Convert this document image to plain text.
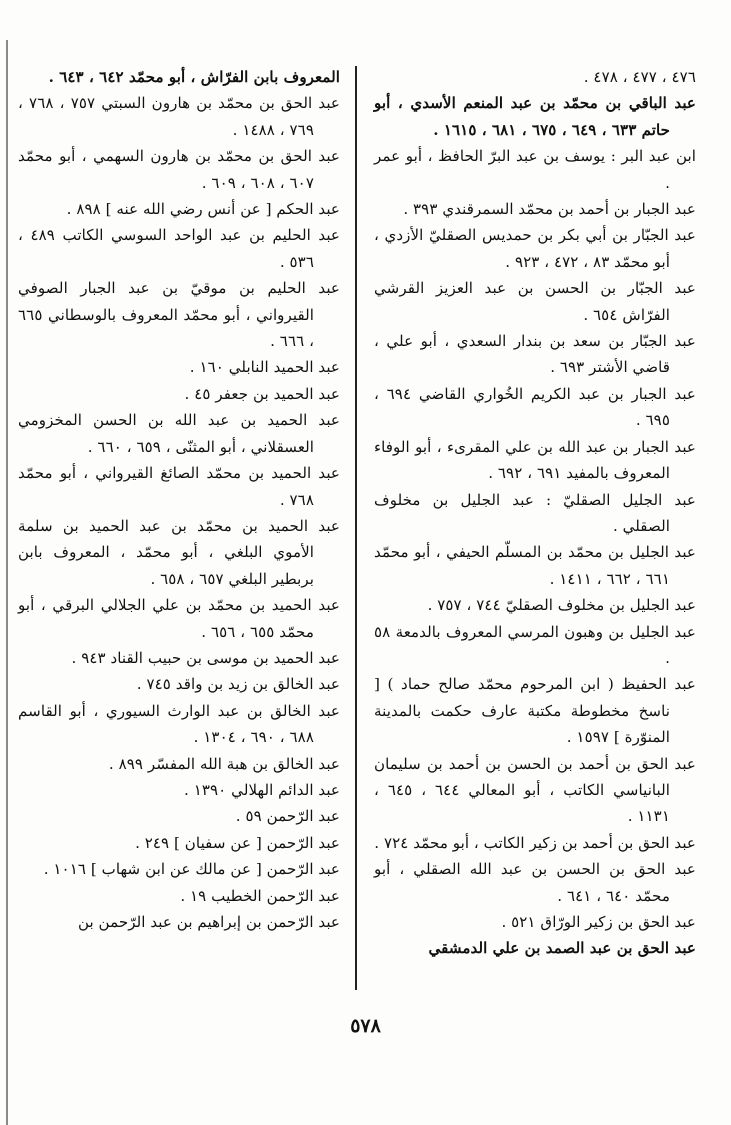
٤٧٦ ، ٤٧٧ ، ٤٧٨ .
عبد الباقي بن محمّد بن عبد المنعم الأسدي ، أبو حاتم ٦٣٣ ، ٦٤٩ ، ٦٧٥ ، ٦٨١ ، ١٦١٥ .
ابن عبد البر : يوسف بن عبد البرّ الحافظ ، أبو عمر .
عبد الجبار بن أحمد بن محمّد السمرقندي ٣٩٣ .
عبد الجبّار بن أبي بكر بن حمديس الصقليّ الأزدي ، أبو محمّد ٨٣ ، ٤٧٢ ، ٩٢٣ .
عبد الجبّار بن الحسن بن عبد العزيز القرشي الفرّاش ٦٥٤ .
عبد الجبّار بن سعد بن بندار السعدي ، أبو علي ، قاضي الأشتر ٦٩٣ .
عبد الجبار بن عبد الكريم الخُواري القاضي ٦٩٤ ، ٦٩٥ .
عبد الجبار بن عبد الله بن علي المقرىء ، أبو الوفاء المعروف بالمفيد ٦٩١ ، ٦٩٢ .
عبد الجليل الصقليّ : عبد الجليل بن مخلوف الصقلي .
عبد الجليل بن محمّد بن المسلّم الحيفي ، أبو محمّد ٦٦١ ، ٦٦٢ ، ١٤١١ .
عبد الجليل بن مخلوف الصقليّ ٧٤٤ ، ٧٥٧ .
عبد الجليل بن وهبون المرسي المعروف بالدمعة ٥٨ .
عبد الحفيظ ( ابن المرحوم محمّد صالح حماد ) [ ناسخ مخطوطة مكتبة عارف حكمت بالمدينة المنوّرة ] ١٥٩٧ .
عبد الحق بن أحمد بن الحسن بن أحمد بن سليمان البانياسي الكاتب ، أبو المعالي ٦٤٤ ، ٦٤٥ ، ١١٣١ .
عبد الحق بن أحمد بن زكير الكاتب ، أبو محمّد ٧٢٤ .
عبد الحق بن الحسن بن عبد الله الصقلي ، أبو محمّد ٦٤٠ ، ٦٤١ .
عبد الحق بن زكير الورّاق ٥٢١ .
عبد الحق بن عبد الصمد بن علي الدمشقي
المعروف بابن الفرّاش ، أبو محمّد ٦٤٢ ، ٦٤٣ .
عبد الحق بن محمّد بن هارون السبتي ٧٥٧ ، ٧٦٨ ، ٧٦٩ ، ١٤٨٨ .
عبد الحق بن محمّد بن هارون السهمي ، أبو محمّد ٦٠٧ ، ٦٠٨ ، ٦٠٩ .
عبد الحكم [ عن أنس رضي الله عنه ] ٨٩٨ .
عبد الحليم بن عبد الواحد السوسي الكاتب ٤٨٩ ، ٥٣٦ .
عبد الحليم بن موقيّ بن عبد الجبار الصوفي القيرواني ، أبو محمّد المعروف بالوسطاني ٦٦٥ ، ٦٦٦ .
عبد الحميد النابلي ١٦٠ .
عبد الحميد بن جعفر ٤٥ .
عبد الحميد بن عبد الله بن الحسن المخزومي العسقلاني ، أبو المثنّى ، ٦٥٩ ، ٦٦٠ .
عبد الحميد بن محمّد الصائغ القيرواني ، أبو محمّد ٧٦٨ .
عبد الحميد بن محمّد بن عبد الحميد بن سلمة الأموي البلغي ، أبو محمّد ، المعروف بابن بربطير البلغي ٦٥٧ ، ٦٥٨ .
عبد الحميد بن محمّد بن علي الجلالي البرقي ، أبو محمّد ٦٥٥ ، ٦٥٦ .
عبد الحميد بن موسى بن حبيب القناد ٩٤٣ .
عبد الخالق بن زيد بن واقد ٧٤٥ .
عبد الخالق بن عبد الوارث السيوري ، أبو القاسم ٦٨٨ ، ٦٩٠ ، ١٣٠٤ .
عبد الخالق بن هبة الله المفسّر ٨٩٩ .
عبد الدائم الهلالي ١٣٩٠ .
عبد الرّحمن ٥٩ .
عبد الرّحمن [ عن سفيان ] ٢٤٩ .
عبد الرّحمن [ عن مالك عن ابن شهاب ] ١٠١٦ .
عبد الرّحمن الخطيب ١٩ .
عبد الرّحمن بن إبراهيم بن عبد الرّحمن بن
٥٧٨
